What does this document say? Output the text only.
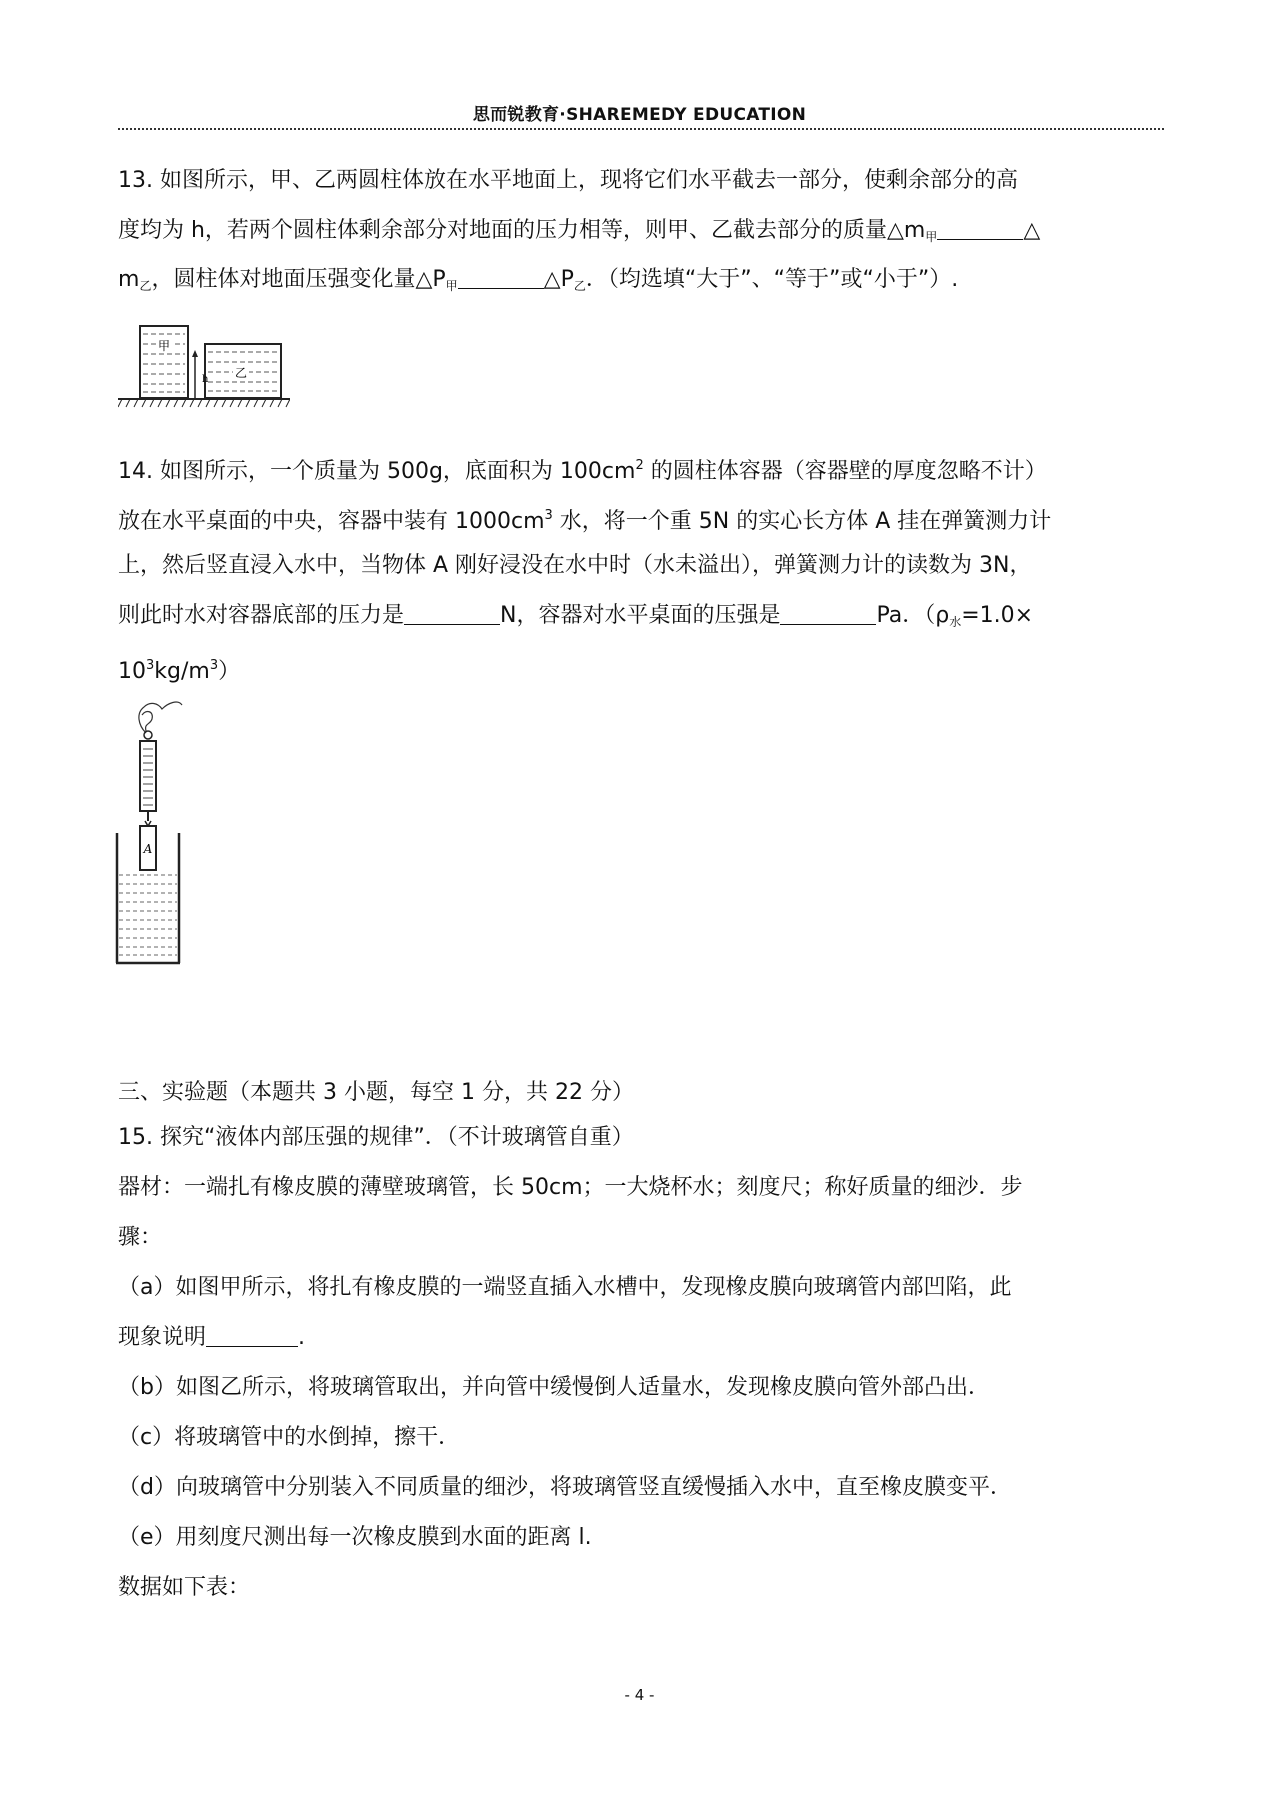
思而锐教育·SHAREMEDY EDUCATION
13. 如图所示，甲、乙两圆柱体放在水平地面上，现将它们水平截去一部分，使剩余部分的高
度均为 h，若两个圆柱体剩余部分对地面的压力相等，则甲、乙截去部分的质量$\triangle m_甲$	△
$m_乙$，圆柱体对地面压强变化量$\triangle P_甲$	$\triangle P_乙$．（均选填“大于”、“等于”或“小于”）.
甲
乙
h
14. 如图所示，一个质量为 500g，底面积为 $100cm^2$ 的圆柱体容器（容器壁的厚度忽略不计）
放在水平桌面的中央，容器中装有 $1000cm^3$ 水，将一个重 5N 的实心长方体 A 挂在弹簧测力计
上，然后竖直浸入水中，当物体 A 刚好浸没在水中时（水未溢出），弹簧测力计的读数为 3N，
则此时水对容器底部的压力是	N，容器对水平桌面的压强是	Pa．（$\rho_水=1.0\times$
$10^3kg/m^3$）
A
三、实验题（本题共 3 小题，每空 1 分，共 22 分）
15. 探究“液体内部压强的规律”．（不计玻璃管自重）
器材：一端扎有橡皮膜的薄壁玻璃管，长 50cm；一大烧杯水；刻度尺；称好质量的细沙．步
骤：
（a）如图甲所示，将扎有橡皮膜的一端竖直插入水槽中，发现橡皮膜向玻璃管内部凹陷，此
现象说明	.
（b）如图乙所示，将玻璃管取出，并向管中缓慢倒人适量水，发现橡皮膜向管外部凸出．
（c）将玻璃管中的水倒掉，擦干．
（d）向玻璃管中分别装入不同质量的细沙，将玻璃管竖直缓慢插入水中，直至橡皮膜变平．
（e）用刻度尺测出每一次橡皮膜到水面的距离 l.
数据如下表：
- 4 -
